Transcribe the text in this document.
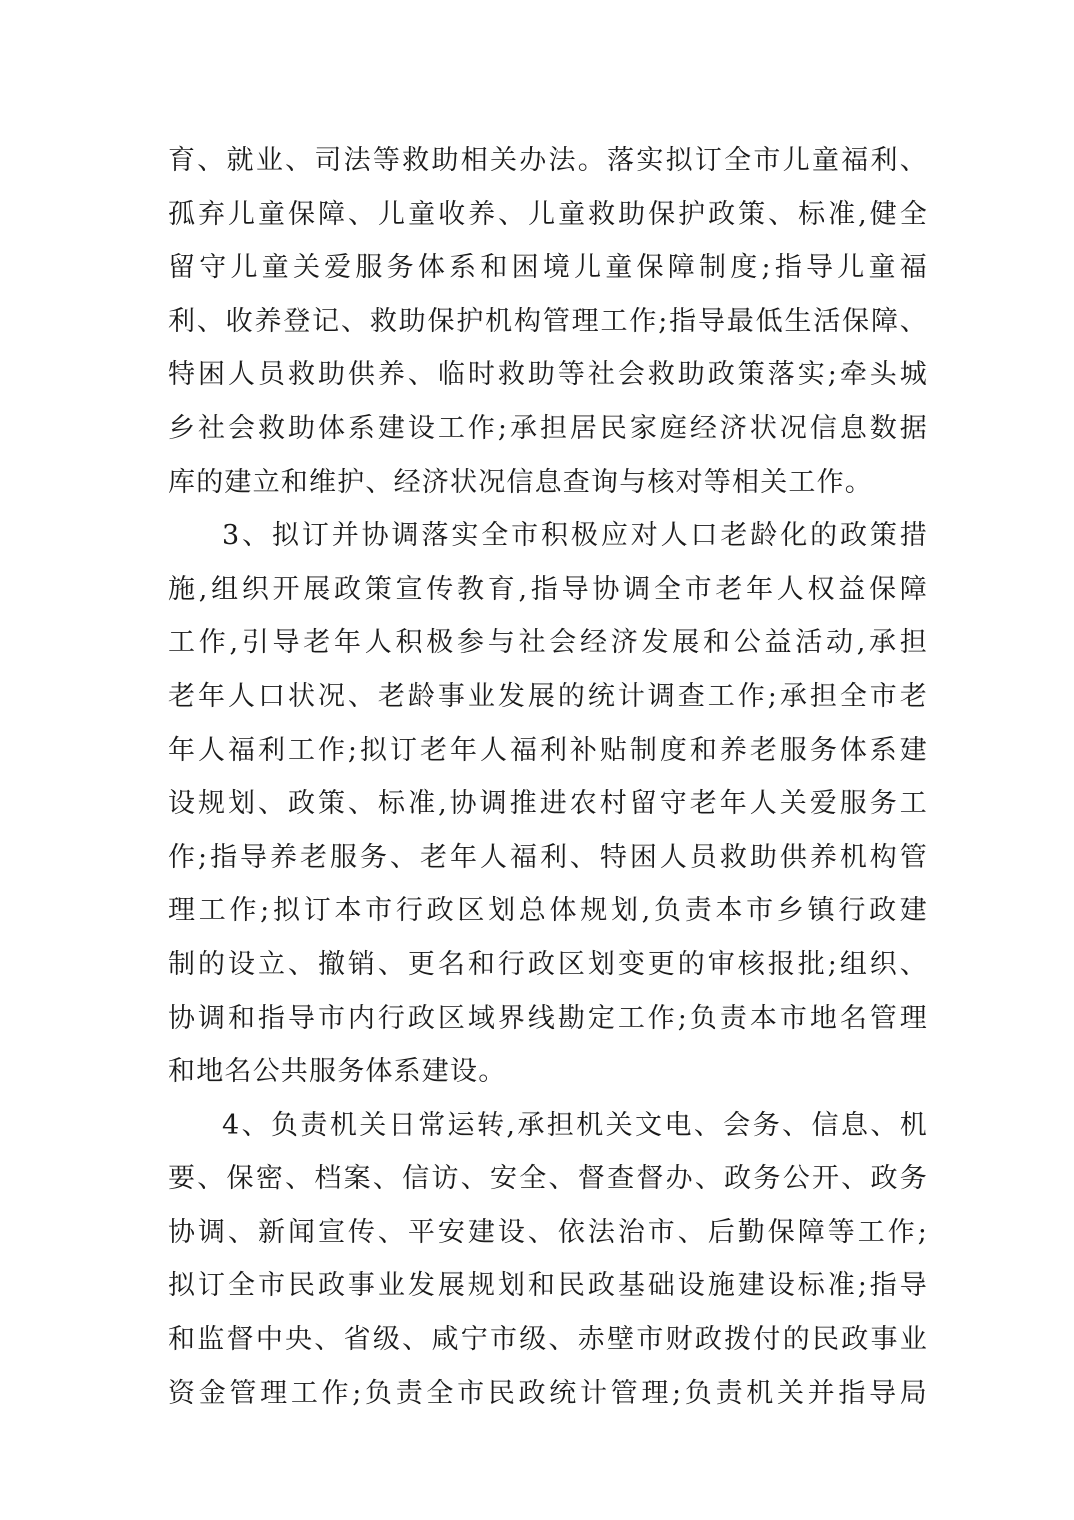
育、就业、司法等救助相关办法。落实拟订全市儿童福利、
孤弃儿童保障、儿童收养、儿童救助保护政策、标准,健全
留守儿童关爱服务体系和困境儿童保障制度;指导儿童福
利、收养登记、救助保护机构管理工作;指导最低生活保障、
特困人员救助供养、临时救助等社会救助政策落实;牵头城
乡社会救助体系建设工作;承担居民家庭经济状况信息数据
库的建立和维护、经济状况信息查询与核对等相关工作。
3、拟订并协调落实全市积极应对人口老龄化的政策措
施,组织开展政策宣传教育,指导协调全市老年人权益保障
工作,引导老年人积极参与社会经济发展和公益活动,承担
老年人口状况、老龄事业发展的统计调查工作;承担全市老
年人福利工作;拟订老年人福利补贴制度和养老服务体系建
设规划、政策、标准,协调推进农村留守老年人关爱服务工
作;指导养老服务、老年人福利、特困人员救助供养机构管
理工作;拟订本市行政区划总体规划,负责本市乡镇行政建
制的设立、撤销、更名和行政区划变更的审核报批;组织、
协调和指导市内行政区域界线勘定工作;负责本市地名管理
和地名公共服务体系建设。
4、负责机关日常运转,承担机关文电、会务、信息、机
要、保密、档案、信访、安全、督查督办、政务公开、政务
协调、新闻宣传、平安建设、依法治市、后勤保障等工作;
拟订全市民政事业发展规划和民政基础设施建设标准;指导
和监督中央、省级、咸宁市级、赤壁市财政拨付的民政事业
资金管理工作;负责全市民政统计管理;负责机关并指导局
